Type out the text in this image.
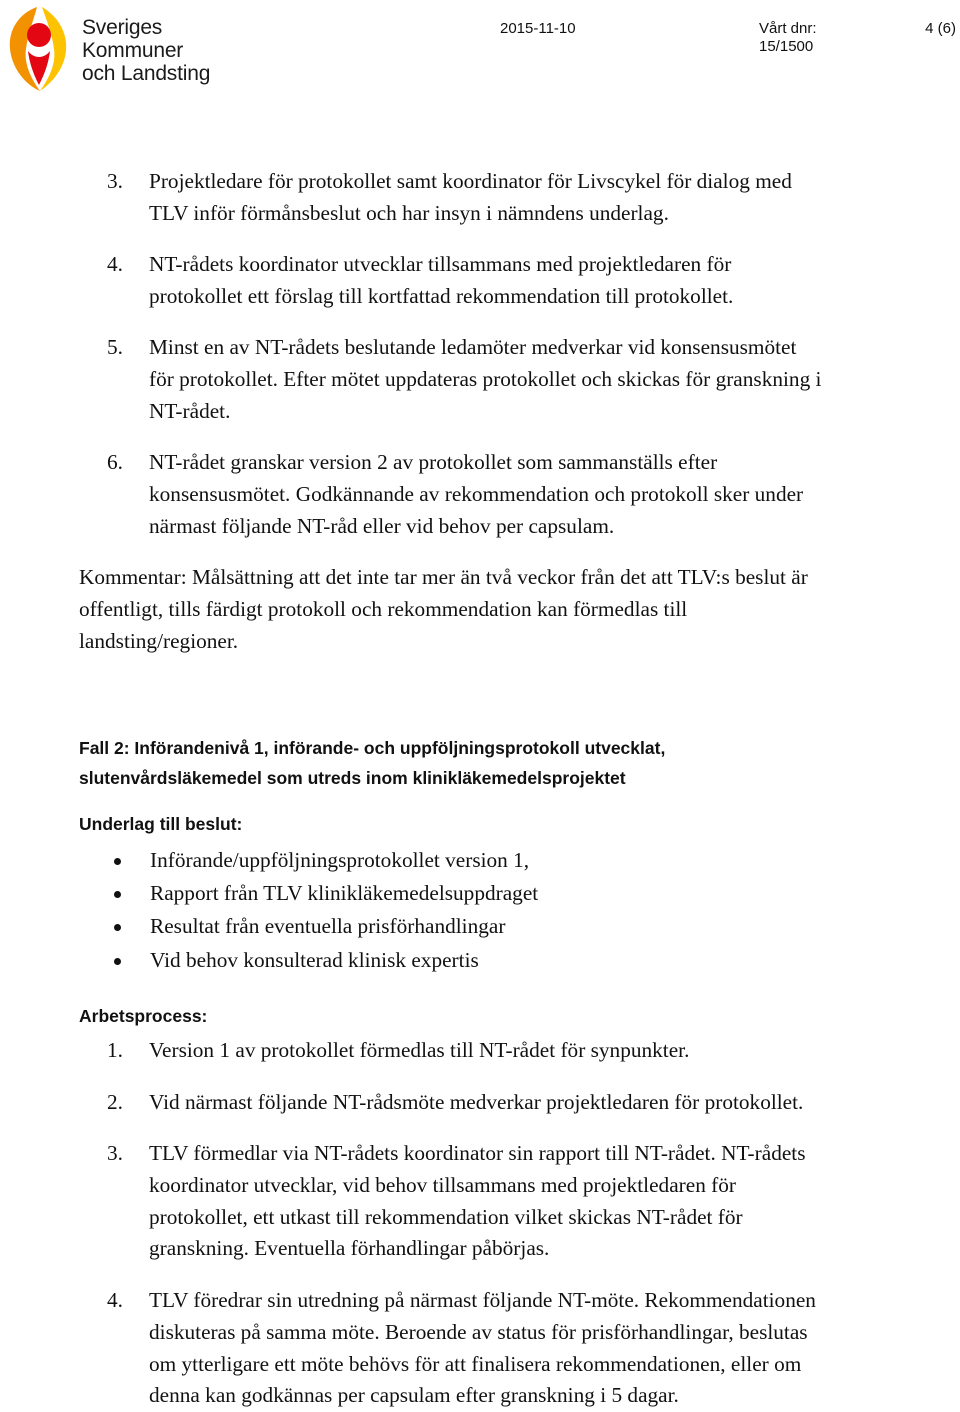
Sveriges
Kommuner
och Landsting
2015-11-10	Vårt dnr:
15/1500
4 (6)
3. Projektledare för protokollet samt koordinator för Livscykel för dialog med
TLV inför förmånsbeslut och har insyn i nämndens underlag.
4. NT-rådets koordinator utvecklar tillsammans med projektledaren för
protokollet ett förslag till kortfattad rekommendation till protokollet.
5. Minst en av NT-rådets beslutande ledamöter medverkar vid konsensusmötet
för protokollet. Efter mötet uppdateras protokollet och skickas för granskning i
NT-rådet.
6. NT-rådet granskar version 2 av protokollet som sammanställs efter
konsensusmötet. Godkännande av rekommendation och protokoll sker under
närmast följande NT-råd eller vid behov per capsulam.
Kommentar: Målsättning att det inte tar mer än två veckor från det att TLV:s beslut är
offentligt, tills färdigt protokoll och rekommendation kan förmedlas till
landsting/regioner.
Fall 2: Införandenivå 1, införande- och uppföljningsprotokoll utvecklat,
slutenvårdsläkemedel som utreds inom klinikläkemedelsprojektet
Underlag till beslut:
Införande/uppföljningsprotokollet version 1,
Rapport från TLV klinikläkemedelsuppdraget
Resultat från eventuella prisförhandlingar
Vid behov konsulterad klinisk expertis
Arbetsprocess:
1. Version 1 av protokollet förmedlas till NT-rådet för synpunkter.
2. Vid närmast följande NT-rådsmöte medverkar projektledaren för protokollet.
3. TLV förmedlar via NT-rådets koordinator sin rapport till NT-rådet. NT-rådets
koordinator utvecklar, vid behov tillsammans med projektledaren för
protokollet, ett utkast till rekommendation vilket skickas NT-rådet för
granskning. Eventuella förhandlingar påbörjas.
4. TLV föredrar sin utredning på närmast följande NT-möte. Rekommendationen
diskuteras på samma möte. Beroende av status för prisförhandlingar, beslutas
om ytterligare ett möte behövs för att finalisera rekommendationen, eller om
denna kan godkännas per capsulam efter granskning i 5 dagar.
